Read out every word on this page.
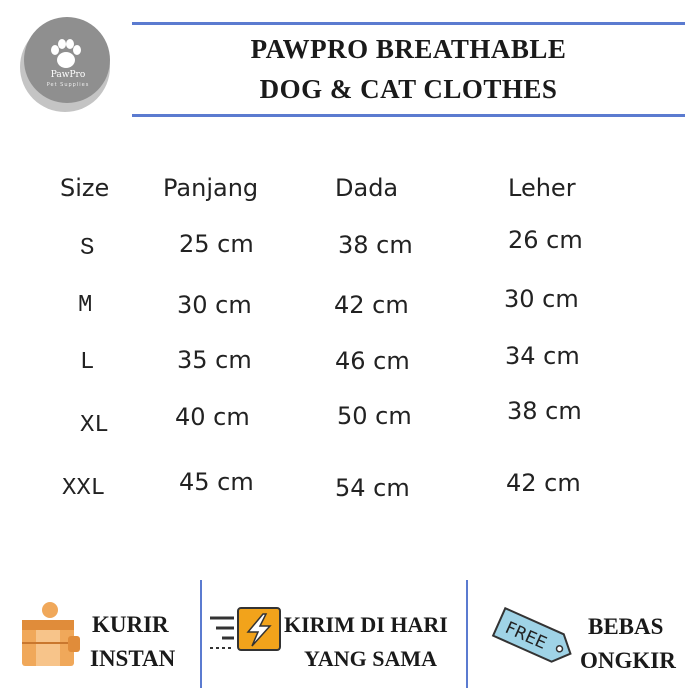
PawPro
Pet Supplies
PAWPRO BREATHABLE
DOG & CAT CLOTHES
Size Panjang	Dada	Leher
S	25 cm	38 cm	26 cm
M	30 cm	42 cm	30 cm
L	35 cm	46 cm	34 cm
XL	40 cm	50 cm	38 cm
XXL	45 cm	54 cm	42 cm
KURIR
INSTAN
KIRIM DI HARI
YANG SAMA
FREE BEBAS
ONGKIR
